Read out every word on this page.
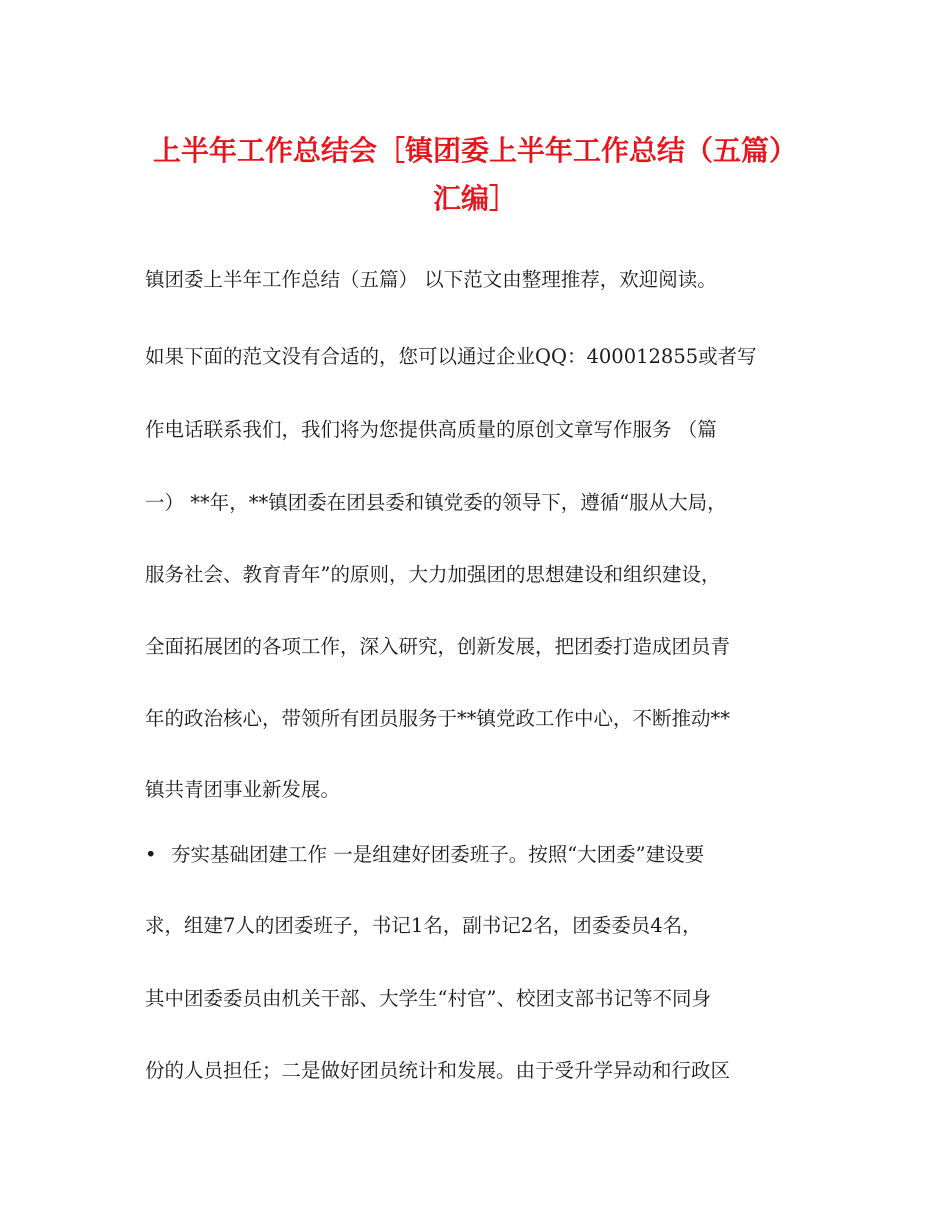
上半年工作总结会［镇团委上半年工作总结（五篇）
汇编］

镇团委上半年工作总结（五篇） 以下范文由整理推荐，欢迎阅读。

如果下面的范文没有合适的，您可以通过企业QQ：400012855或者写

作电话联系我们，我们将为您提供高质量的原创文章写作服务 （篇

一） **年，**镇团委在团县委和镇党委的领导下，遵循“服从大局，

服务社会、教育青年”的原则，大力加强团的思想建设和组织建设，

全面拓展团的各项工作，深入研究，创新发展，把团委打造成团员青

年的政治核心，带领所有团员服务于**镇党政工作中心，不断推动**

镇共青团事业新发展。

• 夯实基础团建工作 一是组建好团委班子。按照“大团委”建设要

求，组建7人的团委班子，书记1名，副书记2名，团委委员4名，

其中团委委员由机关干部、大学生“村官”、校团支部书记等不同身

份的人员担任；二是做好团员统计和发展。由于受升学异动和行政区
